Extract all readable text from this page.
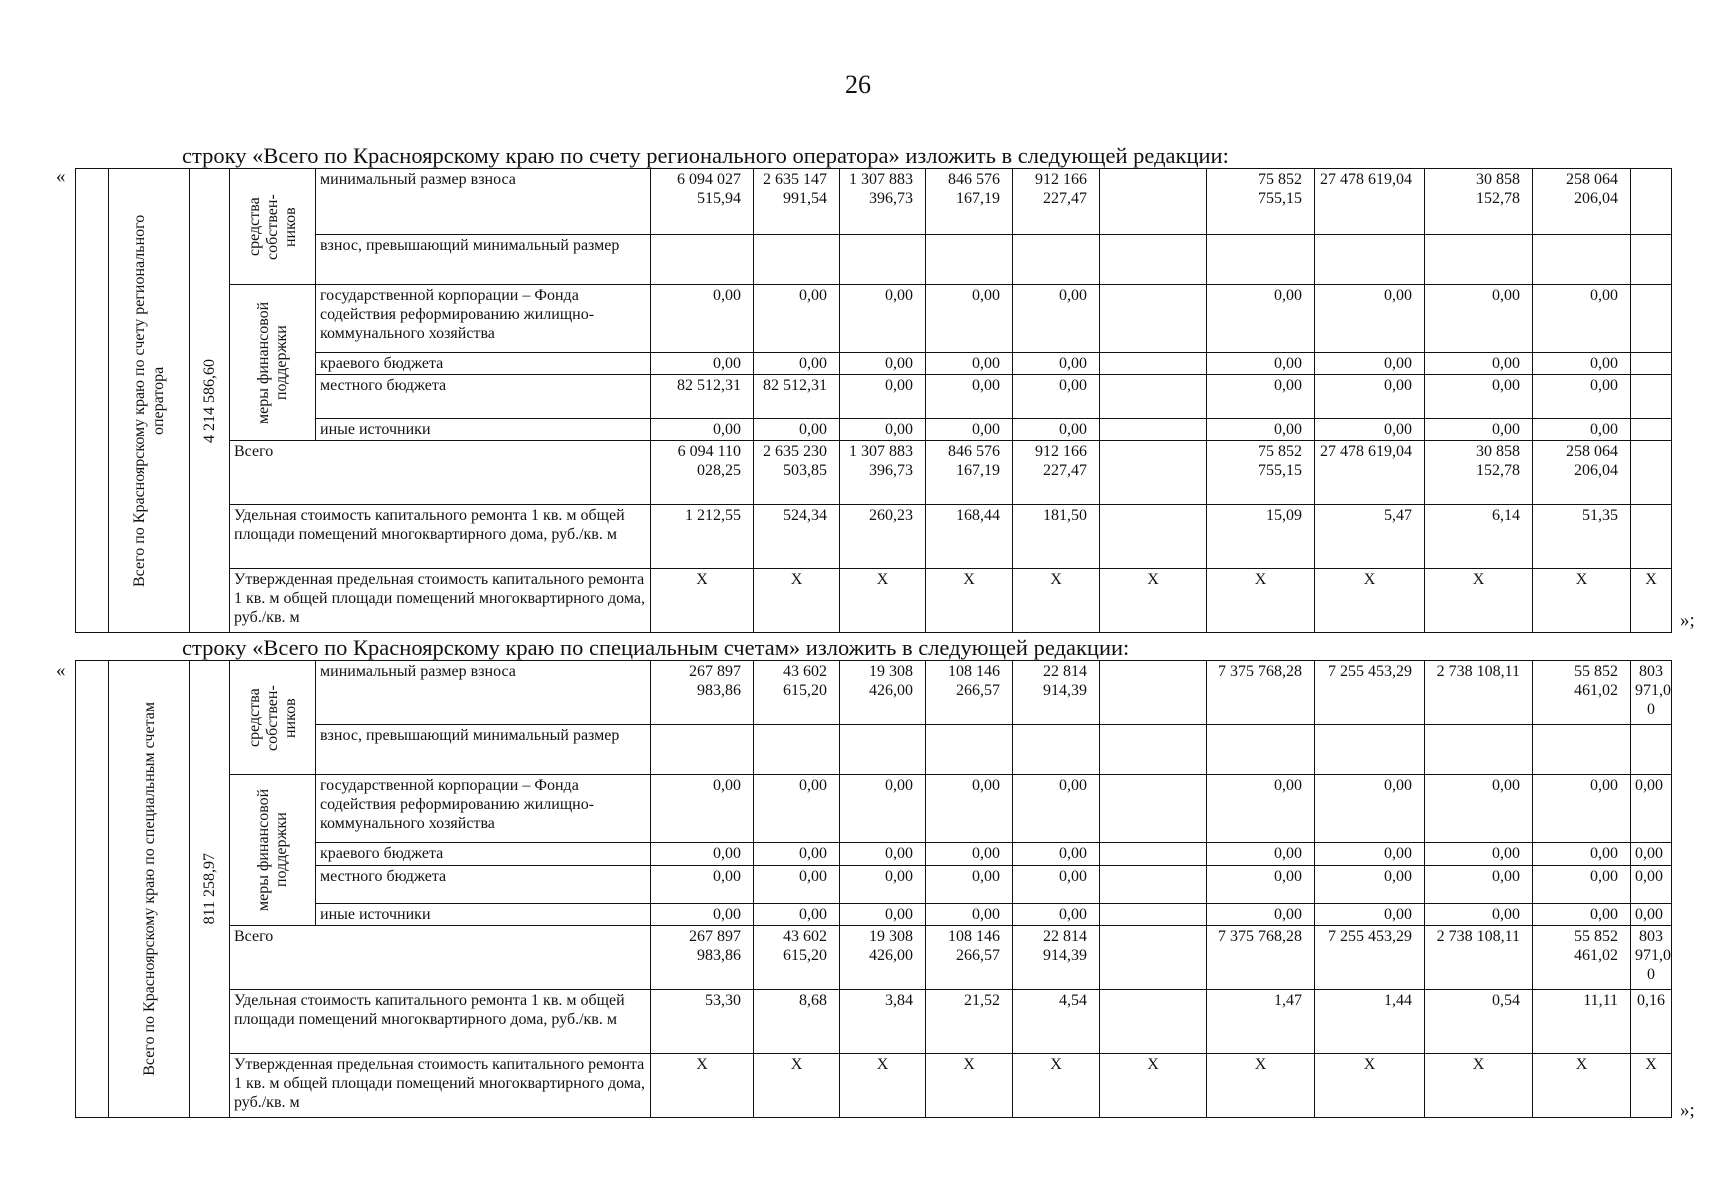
26
строку «Всего по Красноярскому краю по счету регионального оператора» изложить в следующей редакции:
«
»;

	Всего по Красноярскому краю по счету регионального оператора	4 214 586,60	средства собствен-ников	минимальный размер взноса	6 094 027 515,94	2 635 147 991,54	1 307 883 396,73	846 576 167,19	912 166 227,47		75 852 755,15	27 478 619,04	30 858 152,78	258 064 206,04	
				взнос, превышающий минимальный размер											

			меры финансовой поддержки	государственной корпорации – Фонда содействия реформированию жилищно-коммунального хозяйства	0,00	0,00	0,00	0,00	0,00		0,00	0,00	0,00	0,00	
				краевого бюджета	0,00	0,00	0,00	0,00	0,00		0,00	0,00	0,00	0,00	
				местного бюджета	82 512,31	82 512,31	0,00	0,00	0,00		0,00	0,00	0,00	0,00	
				иные источники	0,00	0,00	0,00	0,00	0,00		0,00	0,00	0,00	0,00	
			Всего		6 094 110 028,25	2 635 230 503,85	1 307 883 396,73	846 576 167,19	912 166 227,47		75 852 755,15	27 478 619,04	30 858 152,78	258 064 206,04	
			Удельная стоимость капитального ремонта 1 кв. м общей площади помещений многоквартирного дома, руб./кв. м		1 212,55	524,34	260,23	168,44	181,50		15,09	5,47	6,14	51,35	
			Утвержденная предельная стоимость капитального ремонта 1 кв. м общей площади помещений многоквартирного дома, руб./кв. м		Х	Х	Х	Х	Х	Х	Х	Х	Х	Х	Х
строку «Всего по Красноярскому краю по специальным счетам» изложить в следующей редакции:
«
»;

	Всего по Красноярскому краю по специальным счетам	811 258,97	средства собствен-ников	минимальный размер взноса	267 897 983,86	43 602 615,20	19 308 426,00	108 146 266,57	22 814 914,39		7 375 768,28	7 255 453,29	2 738 108,11	55 852 461,02	803 971,0 0
				взнос, превышающий минимальный размер											

			меры финансовой поддержки	государственной корпорации – Фонда содействия реформированию жилищно-коммунального хозяйства	0,00	0,00	0,00	0,00	0,00		0,00	0,00	0,00	0,00	0,00
				краевого бюджета	0,00	0,00	0,00	0,00	0,00		0,00	0,00	0,00	0,00	0,00
				местного бюджета	0,00	0,00	0,00	0,00	0,00		0,00	0,00	0,00	0,00	0,00
				иные источники	0,00	0,00	0,00	0,00	0,00		0,00	0,00	0,00	0,00	0,00
			Всего		267 897 983,86	43 602 615,20	19 308 426,00	108 146 266,57	22 814 914,39		7 375 768,28	7 255 453,29	2 738 108,11	55 852 461,02	803 971,0 0
			Удельная стоимость капитального ремонта 1 кв. м общей площади помещений многоквартирного дома, руб./кв. м		53,30	8,68	3,84	21,52	4,54		1,47	1,44	0,54	11,11	0,16
			Утвержденная предельная стоимость капитального ремонта 1 кв. м общей площади помещений многоквартирного дома, руб./кв. м		Х	Х	Х	Х	Х	Х	Х	Х	Х	Х	Х
